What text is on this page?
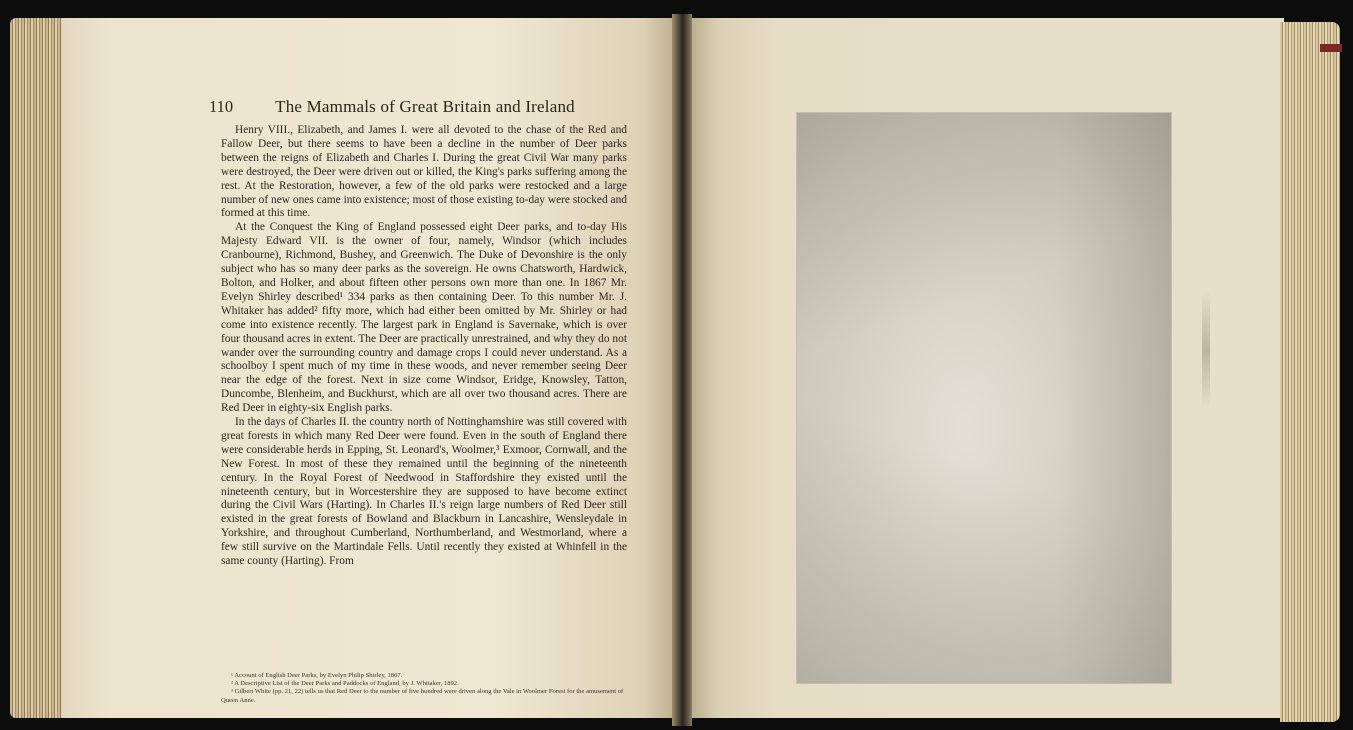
110 The Mammals of Great Britain and Ireland

Henry VIII., Elizabeth, and James I. were all devoted to the chase of the Red and Fallow Deer, but there seems to have been a decline in the number of Deer parks between the reigns of Elizabeth and Charles I. During the great Civil War many parks were destroyed, the Deer were driven out or killed, the King's parks suffering among the rest. At the Restoration, however, a few of the old parks were restocked and a large number of new ones came into existence; most of those existing to-day were stocked and formed at this time.

At the Conquest the King of England possessed eight Deer parks, and to-day His Majesty Edward VII. is the owner of four, namely, Windsor (which includes Cranbourne), Richmond, Bushey, and Greenwich. The Duke of Devonshire is the only subject who has so many deer parks as the sovereign. He owns Chatsworth, Hardwick, Bolton, and Holker, and about fifteen other persons own more than one. In 1867 Mr. Evelyn Shirley described¹ 334 parks as then containing Deer. To this number Mr. J. Whitaker has added² fifty more, which had either been omitted by Mr. Shirley or had come into existence recently. The largest park in England is Savernake, which is over four thousand acres in extent. The Deer are practically unrestrained, and why they do not wander over the surrounding country and damage crops I could never understand. As a schoolboy I spent much of my time in these woods, and never remember seeing Deer near the edge of the forest. Next in size come Windsor, Eridge, Knowsley, Tatton, Duncombe, Blenheim, and Buckhurst, which are all over two thousand acres. There are Red Deer in eighty-six English parks.

In the days of Charles II. the country north of Nottinghamshire was still covered with great forests in which many Red Deer were found. Even in the south of England there were considerable herds in Epping, St. Leonard's, Woolmer,³ Exmoor, Cornwall, and the New Forest. In most of these they remained until the beginning of the nineteenth century. In the Royal Forest of Needwood in Staffordshire they existed until the nineteenth century, but in Worcestershire they are supposed to have become extinct during the Civil Wars (Harting). In Charles II.'s reign large numbers of Red Deer still existed in the great forests of Bowland and Blackburn in Lancashire, Wensleydale in Yorkshire, and throughout Cumberland, Northumberland, and Westmorland, where a few still survive on the Martindale Fells. Until recently they existed at Whinfell in the same county (Harting). From

¹ Account of English Deer Parks, by Evelyn Philip Shirley, 1867.

² A Descriptive List of the Deer Parks and Paddocks of England, by J. Whitaker, 1892.

³ Gilbert White (pp. 21, 22) tells us that Red Deer to the number of five hundred were driven along the Vale in Woolmer Forest for the amusement of Queen Anne.
